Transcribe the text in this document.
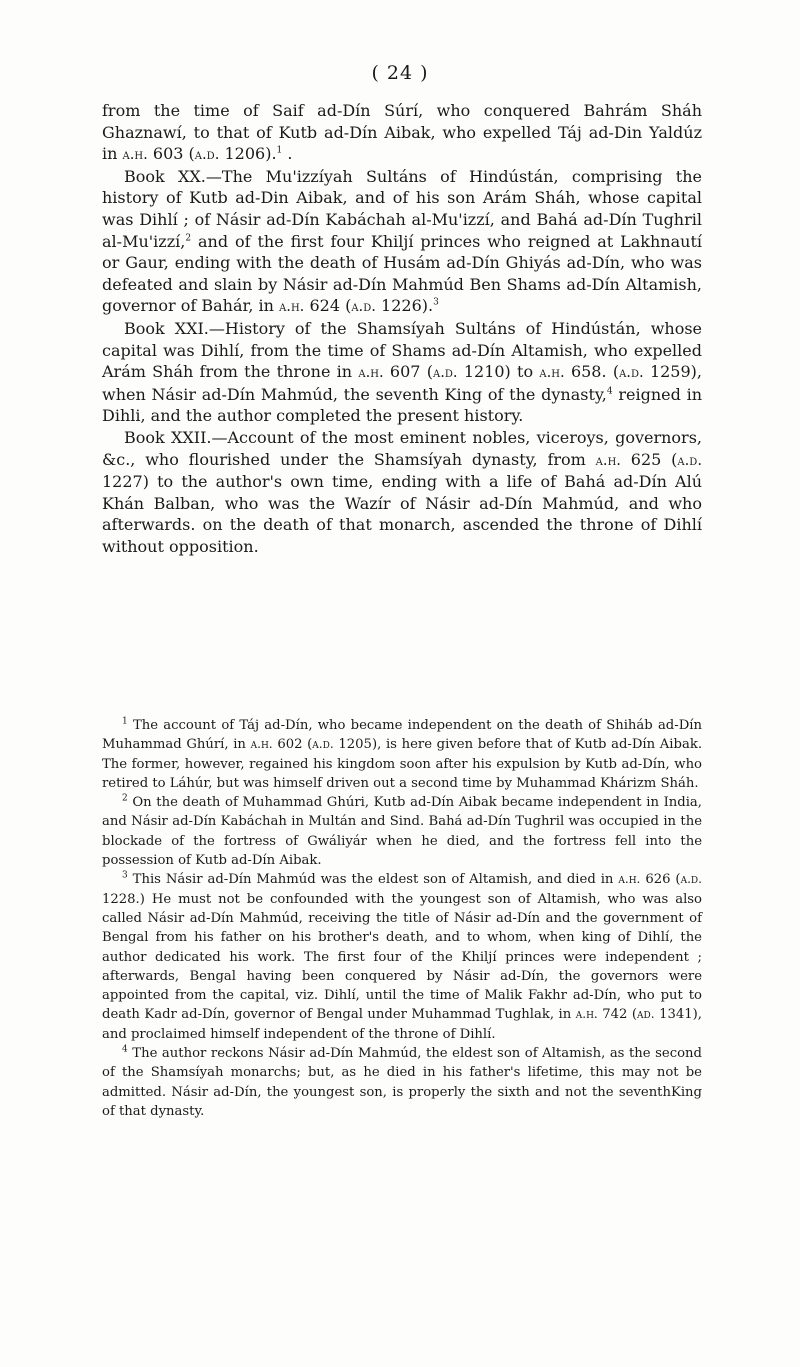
( 24 )

from the time of Saif ad-Dín Súrí, who conquered Bahrám Sháh Ghaznawí, to that of Kutb ad-Dín Aibak, who expelled Táj ad-Din Yaldúz in a.h. 603 (a.d. 1206).$^1$ .

Book XX.—The Mu'izzíyah Sultáns of Hindústán, comprising the history of Kutb ad-Din Aibak, and of his son Arám Sháh, whose capital was Dihlí ; of Násir ad-Dín Kabáchah al-Mu'izzí, and Bahá ad-Dín Tughril al-Mu'izzí,$^2$ and of the first four Khiljí princes who reigned at Lakhnautí or Gaur, ending with the death of Husám ad-Dín Ghiyás ad-Dín, who was defeated and slain by Násir ad-Dín Mahmúd Ben Shams ad-Dín Altamish, governor of Bahár, in a.h. 624 (a.d. 1226).$^3$

Book XXI.—History of the Shamsíyah Sultáns of Hindústán, whose capital was Dihlí, from the time of Shams ad-Dín Altamish, who expelled Arám Sháh from the throne in a.h. 607 (a.d. 1210) to a.h. 658. (a.d. 1259), when Násir ad-Dín Mahmúd, the seventh King of the dynasty,$^4$ reigned in Dihli, and the author completed the present history.

Book XXII.—Account of the most eminent nobles, viceroys, governors, &c., who flourished under the Shamsíyah dynasty, from a.h. 625 (a.d. 1227) to the author's own time, ending with a life of Bahá ad-Dín Alú Khán Balban, who was the Wazír of Násir ad-Dín Mahmúd, and who afterwards. on the death of that monarch, ascended the throne of Dihlí without opposition.

$^1$ The account of Táj ad-Dín, who became independent on the death of Shiháb ad-Dín Muhammad Ghúrí, in a.h. 602 (a.d. 1205), is here given before that of Kutb ad-Dín Aibak. The former, however, regained his kingdom soon after his expulsion by Kutb ad-Dín, who retired to Láhúr, but was himself driven out a second time by Muhammad Khárizm Sháh.

$^2$ On the death of Muhammad Ghúri, Kutb ad-Dín Aibak became independent in India, and Násir ad-Dín Kabáchah in Multán and Sind. Bahá ad-Dín Tughril was occupied in the blockade of the fortress of Gwáliyár when he died, and the fortress fell into the possession of Kutb ad-Dín Aibak.

$^3$ This Násir ad-Dín Mahmúd was the eldest son of Altamish, and died in a.h. 626 (a.d. 1228.) He must not be confounded with the youngest son of Altamish, who was also called Násir ad-Dín Mahmúd, receiving the title of Násir ad-Dín and the government of Bengal from his father on his brother's death, and to whom, when king of Dihlí, the author dedicated his work. The first four of the Khiljí princes were independent ; afterwards, Bengal having been conquered by Násir ad-Dín, the governors were appointed from the capital, viz. Dihlí, until the time of Malik Fakhr ad-Dín, who put to death Kadr ad-Dín, governor of Bengal under Muhammad Tughlak, in a.h. 742 (ad. 1341), and proclaimed himself independent of the throne of Dihlí.

$^4$ The author reckons Násir ad-Dín Mahmúd, the eldest son of Altamish, as the second of the Shamsíyah monarchs; but, as he died in his father's lifetime, this may not be admitted. Násir ad-Dín, the youngest son, is properly the sixth and not the seventhKing of that dynasty.
